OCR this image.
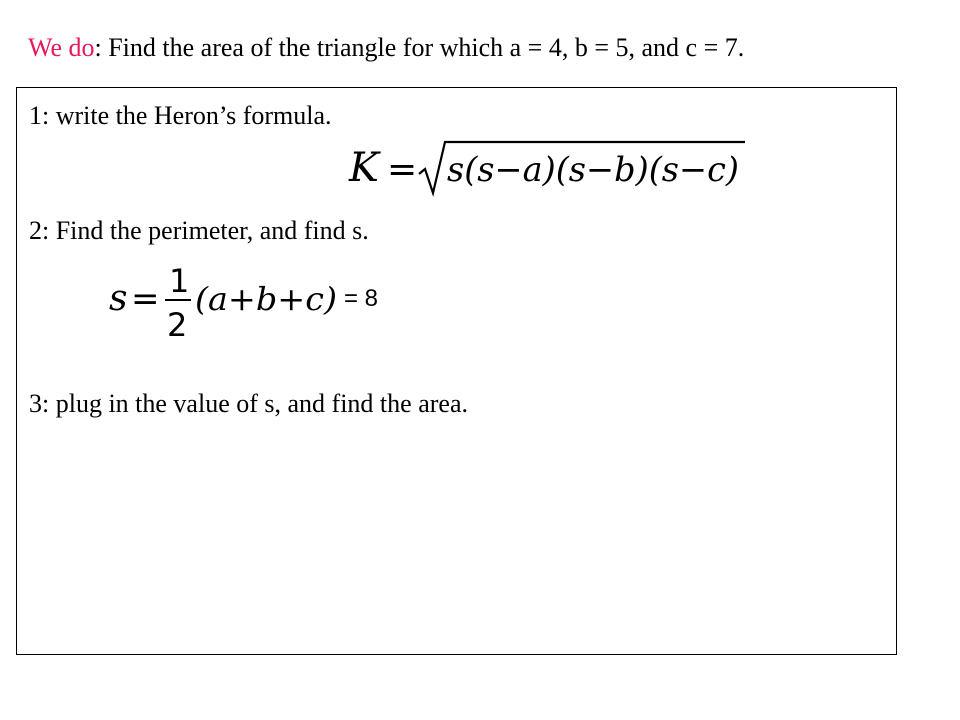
We do: Find the area of the triangle for which a = 4, b = 5, and c = 7.
1: write the Heron’s formula.
K = s(s−a)(s−b)(s−c)
2: Find the perimeter, and find s.
s = 1
2
(a+b+c) = 8
3: plug in the value of s, and find the area.
